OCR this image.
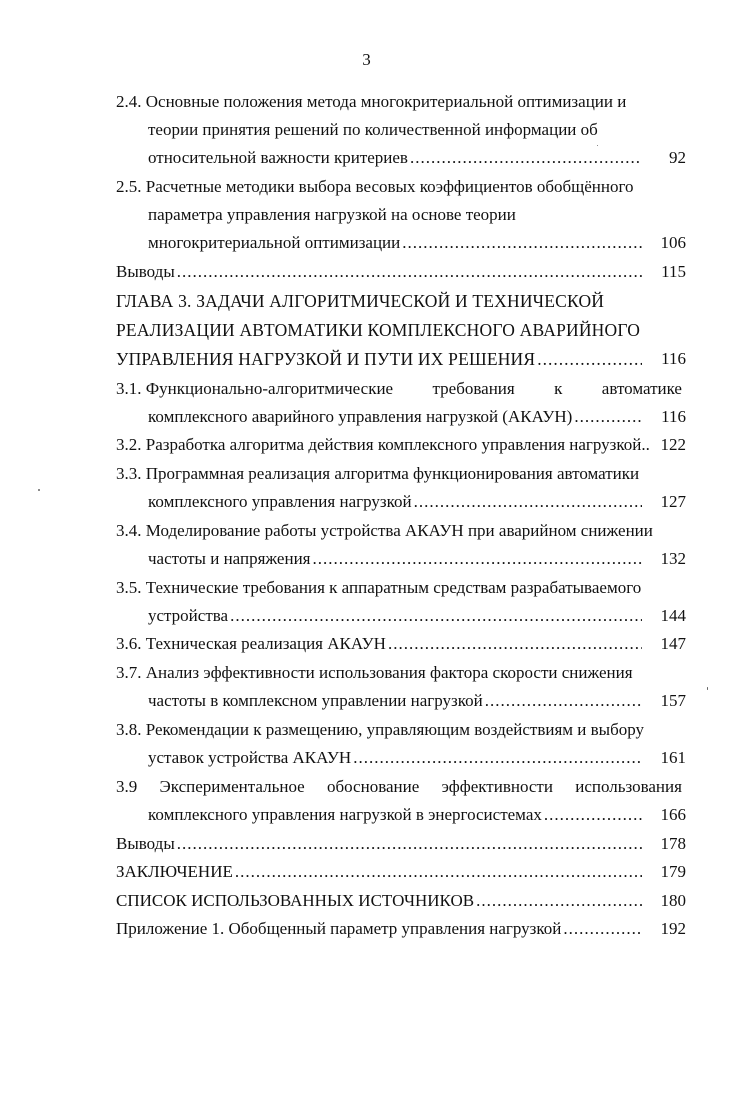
3
2.4. Основные положения метода многокритериальной оптимизации и
теории принятия решений по количественной информации об
относительной важности критериев .....	92
2.5. Расчетные методики выбора весовых коэффициентов обобщённого
параметра управления нагрузкой на основе теории
многокритериальной оптимизации .....	106
Выводы .....	115
ГЛАВА 3. ЗАДАЧИ АЛГОРИТМИЧЕСКОЙ И ТЕХНИЧЕСКОЙ
РЕАЛИЗАЦИИ АВТОМАТИКИ КОМПЛЕКСНОГО АВАРИЙНОГО
УПРАВЛЕНИЯ НАГРУЗКОЙ И ПУТИ ИХ РЕШЕНИЯ .....	116
3.1. Функционально-алгоритмические требования к автоматике
комплексного аварийного управления нагрузкой (АКАУН) .....	116
3.2. Разработка алгоритма действия комплексного управления нагрузкой.. 122
3.3. Программная реализация алгоритма функционирования автоматики
комплексного управления нагрузкой .....	127
3.4. Моделирование работы устройства АКАУН при аварийном снижении
частоты и напряжения .....	132
3.5. Технические требования к аппаратным средствам разрабатываемого
устройства .....	144
3.6. Техническая реализация АКАУН .....	147
3.7. Анализ эффективности использования фактора скорости снижения
частоты в комплексном управлении нагрузкой .....	157
3.8. Рекомендации к размещению, управляющим воздействиям и выбору
уставок устройства АКАУН .....	161
3.9 Экспериментальное обоснование эффективности использования
комплексного управления нагрузкой в энергосистемах .....	166
Выводы .....	178
ЗАКЛЮЧЕНИЕ .....	179
СПИСОК ИСПОЛЬЗОВАННЫХ ИСТОЧНИКОВ .....	180
Приложение 1. Обобщенный параметр управления нагрузкой .....	192
